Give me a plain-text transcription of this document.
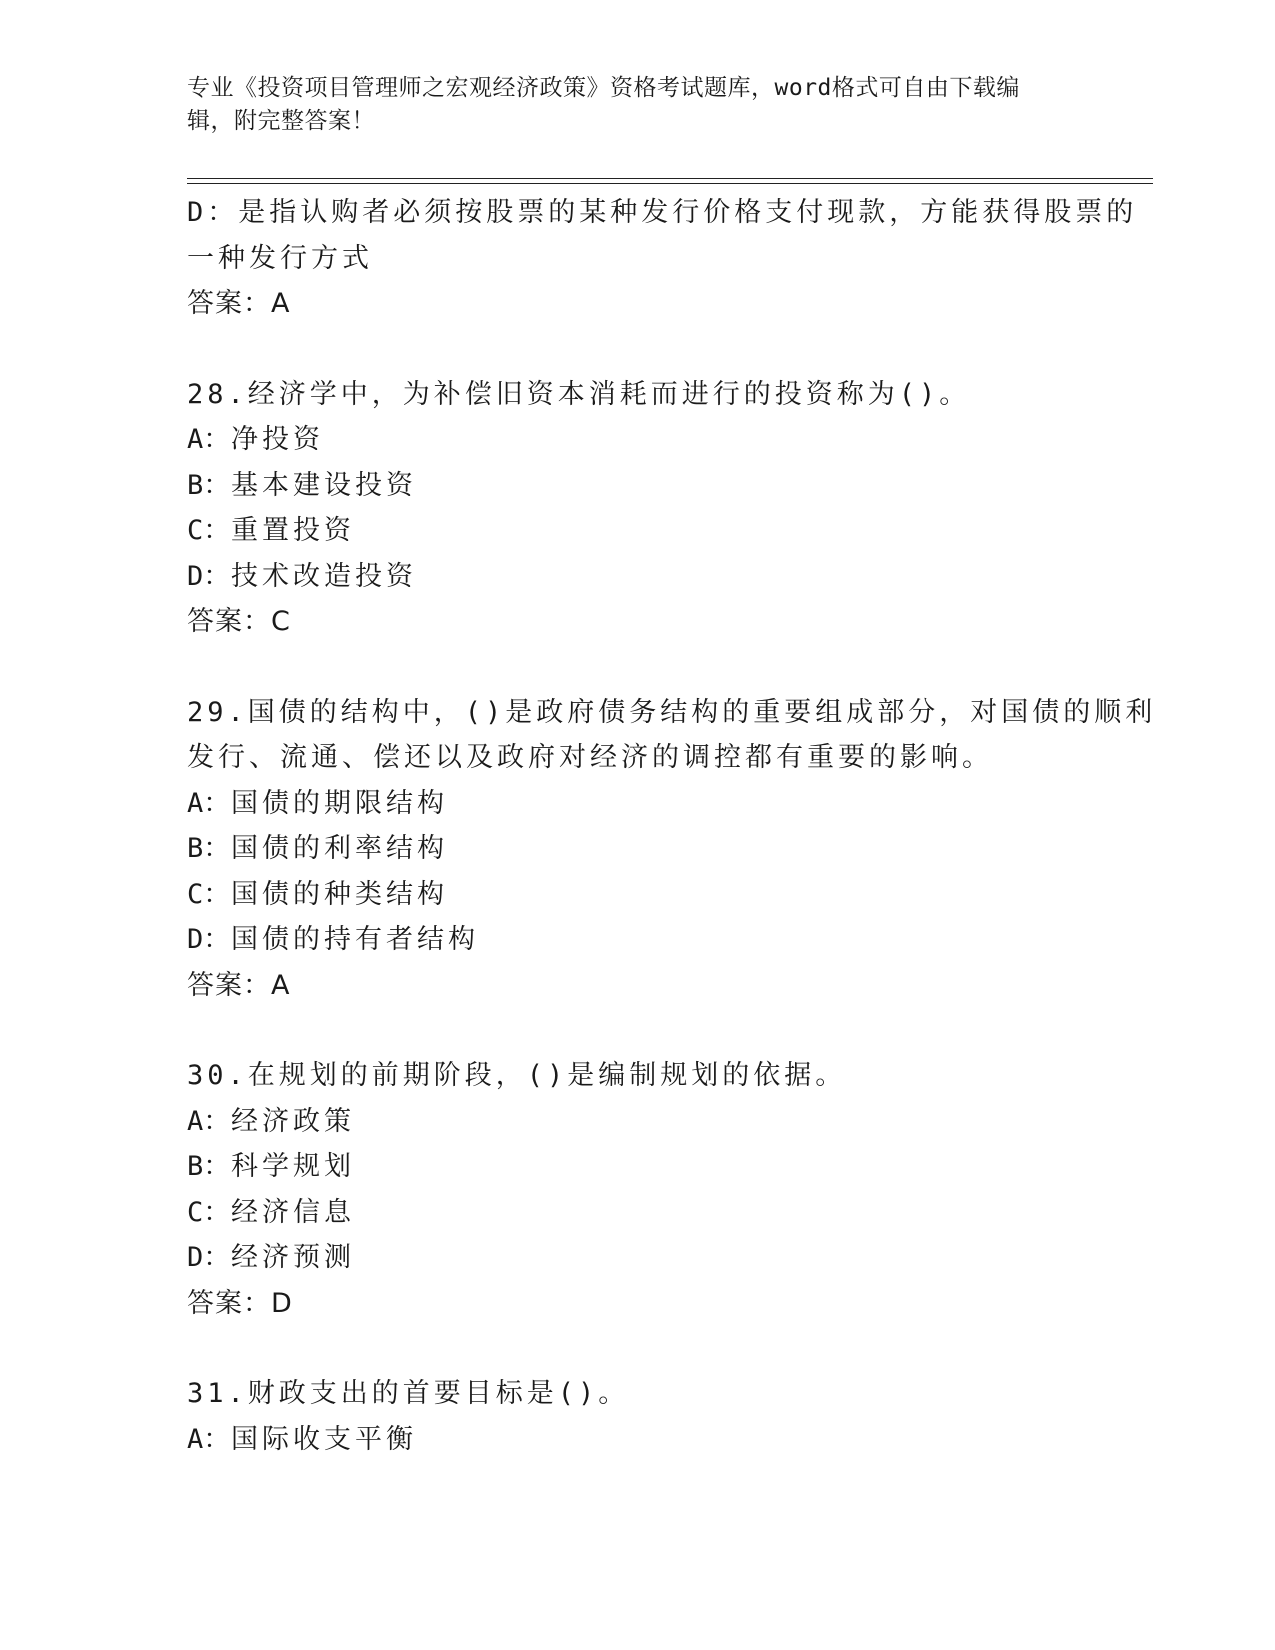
专业《投资项目管理师之宏观经济政策》资格考试题库，word格式可自由下载编
辑，附完整答案！
D：是指认购者必须按股票的某种发行价格支付现款，方能获得股票的
一种发行方式
答案：A
28.经济学中，为补偿旧资本消耗而进行的投资称为()。
A：净投资
B：基本建设投资
C：重置投资
D：技术改造投资
答案：C
29.国债的结构中，()是政府债务结构的重要组成部分，对国债的顺利
发行、流通、偿还以及政府对经济的调控都有重要的影响。
A：国债的期限结构
B：国债的利率结构
C：国债的种类结构
D：国债的持有者结构
答案：A
30.在规划的前期阶段，()是编制规划的依据。
A：经济政策
B：科学规划
C：经济信息
D：经济预测
答案：D
31.财政支出的首要目标是()。
A：国际收支平衡
